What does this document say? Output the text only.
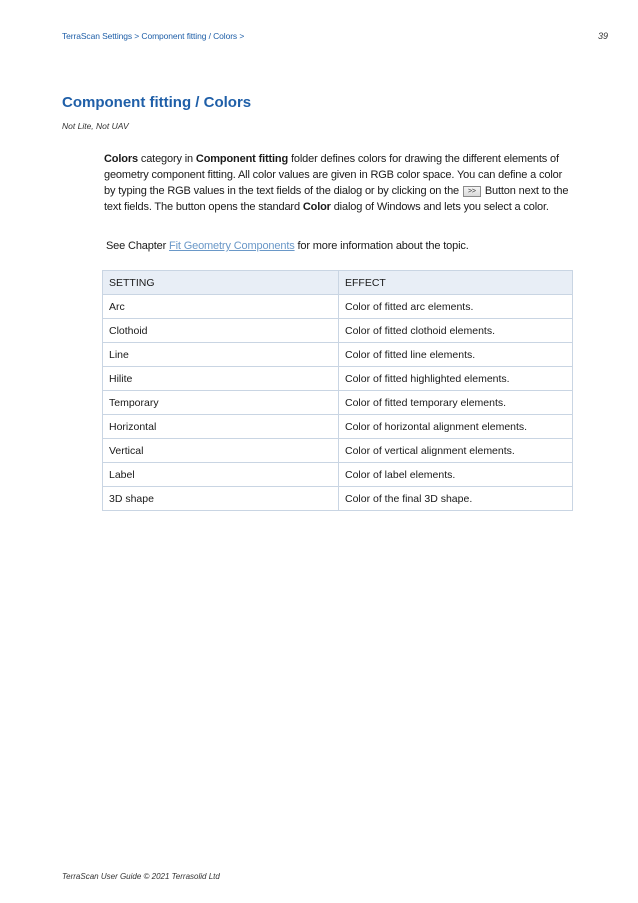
TerraScan Settings > Component fitting / Colors >	39
Component fitting / Colors
Not Lite, Not UAV

Colors category in Component fitting folder defines colors for drawing the different elements of geometry component fitting. All color values are given in RGB color space. You can define a color by typing the RGB values in the text fields of the dialog or by clicking on the >> Button next to the text fields. The button opens the standard Color dialog of Windows and lets you select a color.

See Chapter Fit Geometry Components for more information about the topic.

SETTING	EFFECT
Arc	Color of fitted arc elements.
Clothoid	Color of fitted clothoid elements.
Line	Color of fitted line elements.
Hilite	Color of fitted highlighted elements.
Temporary	Color of fitted temporary elements.
Horizontal	Color of horizontal alignment elements.
Vertical	Color of vertical alignment elements.
Label	Color of label elements.
3D shape	Color of the final 3D shape.
TerraScan User Guide © 2021 Terrasolid Ltd
